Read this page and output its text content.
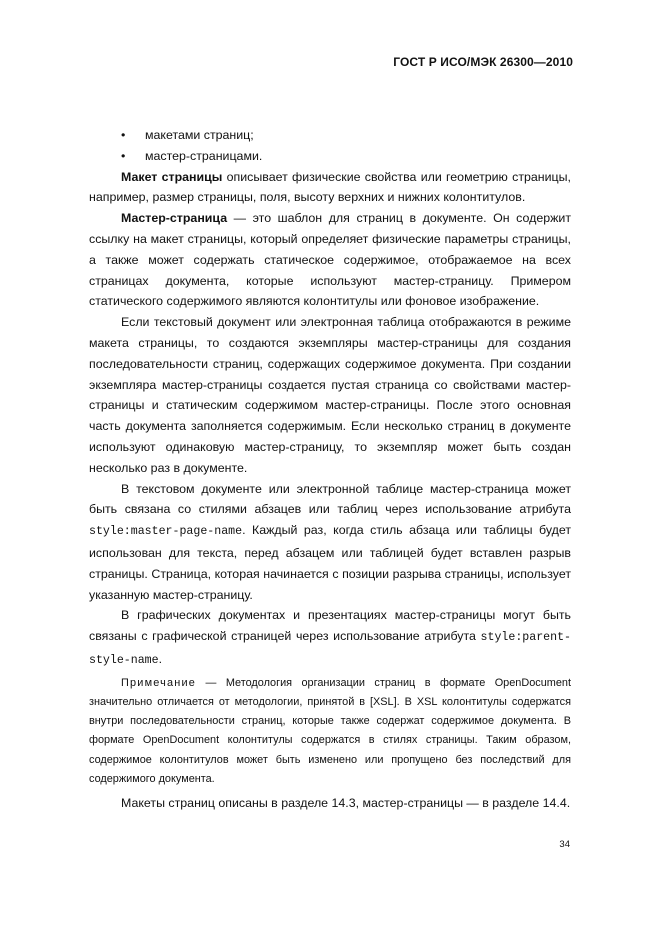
ГОСТ Р ИСО/МЭК 26300—2010
•	макетами страниц;
•	мастер-страницами.

Макет страницы описывает физические свойства или геометрию страницы, например, размер страницы, поля, высоту верхних и нижних колонтитулов.

Мастер-страница — это шаблон для страниц в документе. Он содержит ссылку на макет страницы, который определяет физические параметры страницы, а также может содержать статическое содержимое, отображаемое на всех страницах документа, которые используют мастер-страницу. Примером статического содержимого являются колонтитулы или фоновое изображение.

Если текстовый документ или электронная таблица отображаются в режиме макета страницы, то создаются экземпляры мастер-страницы для создания последовательности страниц, содержащих содержимое документа. При создании экземпляра мастер-страницы создается пустая страница со свойствами мастер-страницы и статическим содержимом мастер-страницы. После этого основная часть документа заполняется содержимым. Если несколько страниц в документе используют одинаковую мастер-страницу, то экземпляр может быть создан несколько раз в документе.

В текстовом документе или электронной таблице мастер-страница может быть связана со стилями абзацев или таблиц через использование атрибута style:master-page-name. Каждый раз, когда стиль абзаца или таблицы будет использован для текста, перед абзацем или таблицей будет вставлен разрыв страницы. Страница, которая начинается с позиции разрыва страницы, использует указанную мастер-страницу.

В графических документах и презентациях мастер-страницы могут быть связаны с графической страницей через использование атрибута style:parent-style-name.

Примечание — Методология организации страниц в формате OpenDocument значительно отличается от методологии, принятой в [XSL]. В XSL колонтитулы содержатся внутри последовательности страниц, которые также содержат содержимое документа. В формате OpenDocument колонтитулы содержатся в стилях страницы. Таким образом, содержимое колонтитулов может быть изменено или пропущено без последствий для содержимого документа.

Макеты страниц описаны в разделе 14.3, мастер-страницы — в разделе 14.4.

34
